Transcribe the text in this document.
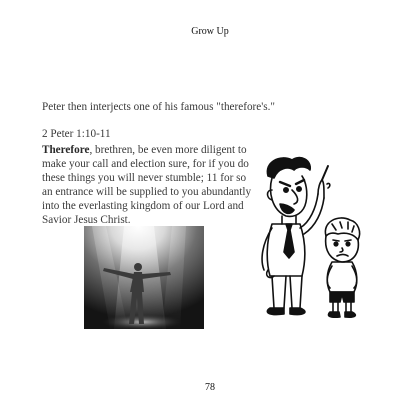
Grow Up
Peter then interjects one of his famous "therefore's."
2 Peter 1:10-11
Therefore, brethren, be even more diligent to
make your call and election sure, for if you do
these things you will never stumble; 11 for so
an entrance will be supplied to you abundantly
into the everlasting kingdom of our Lord and
Savior Jesus Christ.
78
